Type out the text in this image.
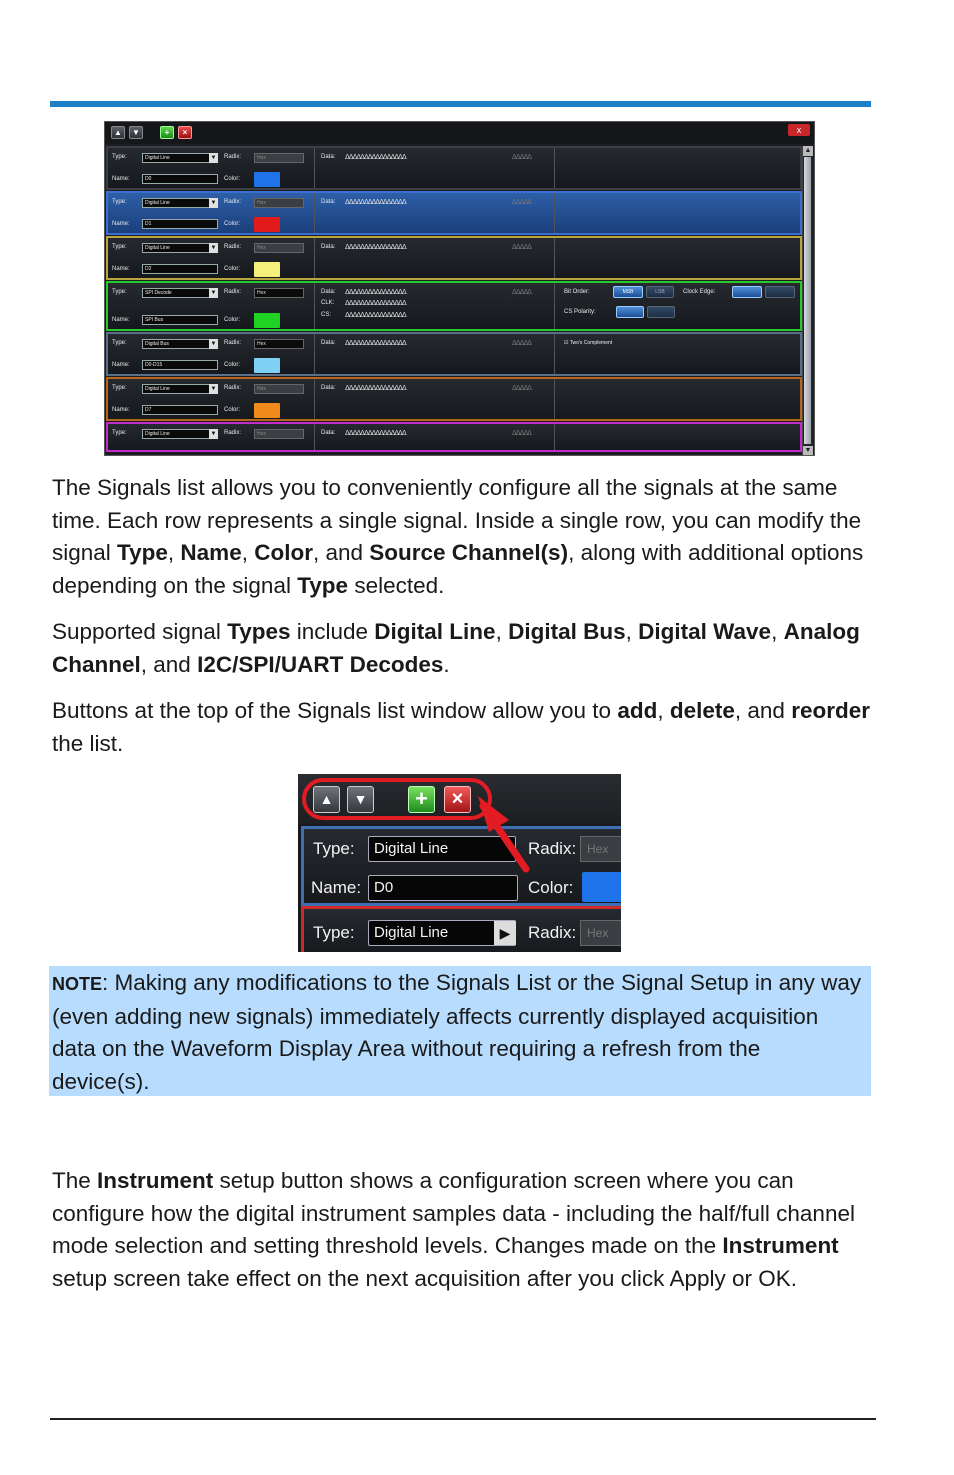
▲	▼	+	×	x
Type:	Digital Line	▼ Radix:	Hex
Name:	D0	Color:
Data: ᐃᐃᐃᐃᐃᐃᐃᐃᐃᐃᐃᐃᐃᐃᐃᐃ	ᐃᐃᐃᐃᐃ
Type:	Digital Line	▼ Radix:	Hex
Name:	D1	Color:
Data: ᐃᐃᐃᐃᐃᐃᐃᐃᐃᐃᐃᐃᐃᐃᐃᐃ	ᐃᐃᐃᐃᐃ
Type:	Digital Line	▼ Radix:	Hex
Name:	D2	Color:
Data: ᐃᐃᐃᐃᐃᐃᐃᐃᐃᐃᐃᐃᐃᐃᐃᐃ	ᐃᐃᐃᐃᐃ
Type:	SPI Decode	▼ Radix:	Hex
Name:	SPI Bus	Color:
Data: ᐃᐃᐃᐃᐃᐃᐃᐃᐃᐃᐃᐃᐃᐃᐃᐃ	ᐃᐃᐃᐃᐃ
CLK: ᐃᐃᐃᐃᐃᐃᐃᐃᐃᐃᐃᐃᐃᐃᐃᐃ
CS: ᐃᐃᐃᐃᐃᐃᐃᐃᐃᐃᐃᐃᐃᐃᐃᐃ
Bit Order:	MSB	LSB	Clock Edge:
CS Polarity:
Type:	Digital Bus	▼ Radix:	Hex
Name:	D0-D15	Color:
Data: ᐃᐃᐃᐃᐃᐃᐃᐃᐃᐃᐃᐃᐃᐃᐃᐃ	ᐃᐃᐃᐃᐃ	☑ Two's Complement
Type:	Digital Line	▼ Radix:	Hex
Name:	D7	Color:
Data: ᐃᐃᐃᐃᐃᐃᐃᐃᐃᐃᐃᐃᐃᐃᐃᐃ	ᐃᐃᐃᐃᐃ
Type:	Digital Line	▼ Radix:	Hex	Data: ᐃᐃᐃᐃᐃᐃᐃᐃᐃᐃᐃᐃᐃᐃᐃᐃ	ᐃᐃᐃᐃᐃ
▲
▼

The Signals list allows you to conveniently configure all the signals at the same time. Each row represents a single signal. Inside a single row, you can modify the signal Type, Name, Color, and Source Channel(s), along with additional options depending on the signal Type selected.

Supported signal Types include Digital Line, Digital Bus, Digital Wave, Analog Channel, and I2C/SPI/UART Decodes.

Buttons at the top of the Signals list window allow you to add, delete, and reorder the list.

▲	▼	+	×
Type:	Digital Line	Radix: Hex
Name: D0	Color:
Type:	Digital Line	▶	Radix: Hex

NOTE: Making any modifications to the Signals List or the Signal Setup in any way (even adding new signals) immediately affects currently displayed acquisition data on the Waveform Display Area without requiring a refresh from the device(s).

The Instrument setup button shows a configuration screen where you can configure how the digital instrument samples data - including the half/full channel mode selection and setting threshold levels. Changes made on the Instrument setup screen take effect on the next acquisition after you click Apply or OK.
